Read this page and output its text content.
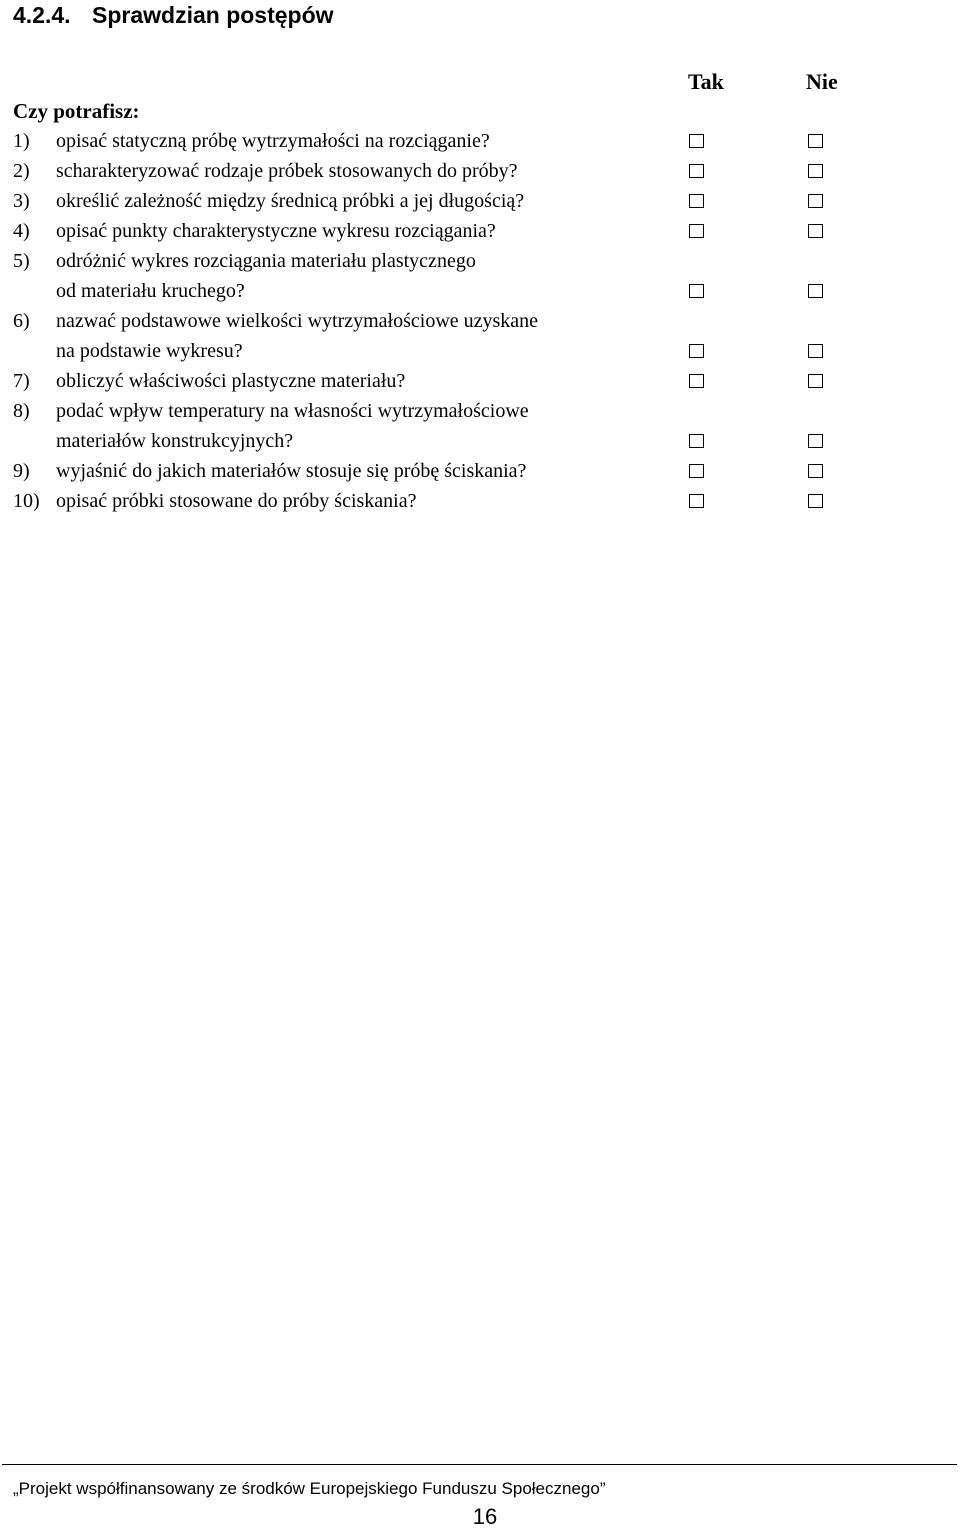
4.2.4. Sprawdzian postępów
Tak	Nie
Czy potrafisz:
1) opisać statyczną próbę wytrzymałości na rozciąganie?
2) scharakteryzować rodzaje próbek stosowanych do próby?
3) określić zależność między średnicą próbki a jej długością?
4) opisać punkty charakterystyczne wykresu rozciągania?
5) odróżnić wykres rozciągania materiału plastycznego
od materiału kruchego?
6) nazwać podstawowe wielkości wytrzymałościowe uzyskane
na podstawie wykresu?
7) obliczyć właściwości plastyczne materiału?
8) podać wpływ temperatury na własności wytrzymałościowe
materiałów konstrukcyjnych?
9) wyjaśnić do jakich materiałów stosuje się próbę ściskania?
10) opisać próbki stosowane do próby ściskania?
„Projekt współfinansowany ze środków Europejskiego Funduszu Społecznego”
16
